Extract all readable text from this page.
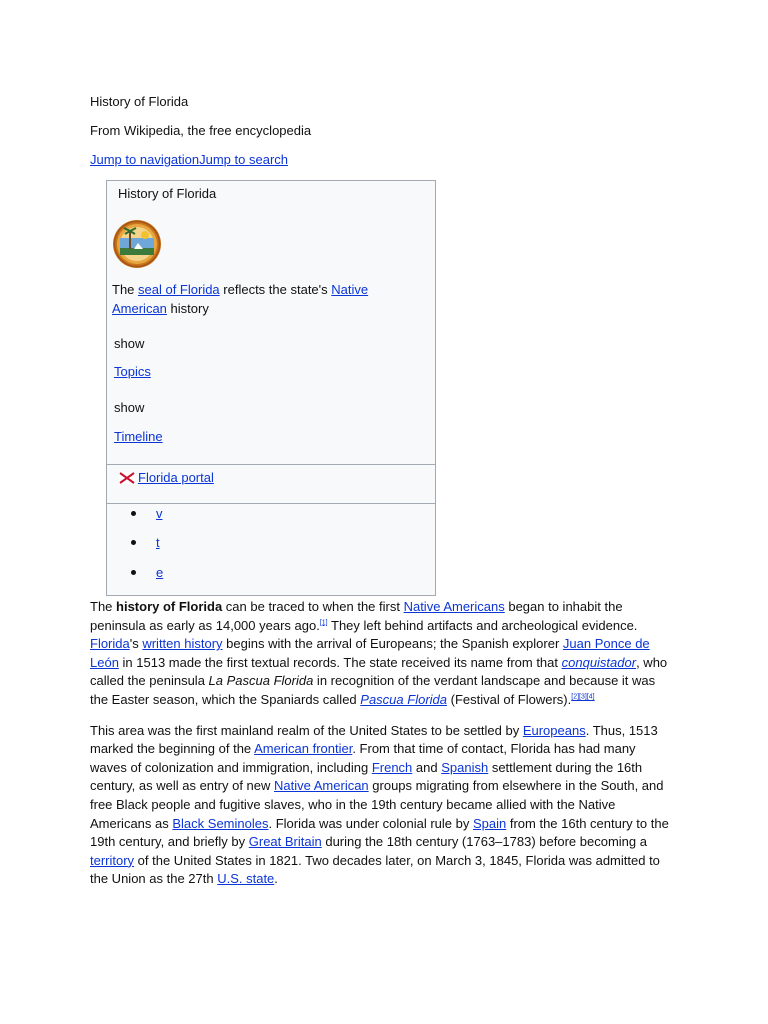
History of Florida
From Wikipedia, the free encyclopedia
Jump to navigationJump to search
History of Florida
The seal of Florida reflects the state's Native American history
show
Topics
show
Timeline
Florida portal
v
t
e

The history of Florida can be traced to when the first Native Americans began to inhabit the peninsula as early as 14,000 years ago.[1] They left behind artifacts and archeological evidence. Florida's written history begins with the arrival of Europeans; the Spanish explorer Juan Ponce de León in 1513 made the first textual records. The state received its name from that conquistador, who called the peninsula La Pascua Florida in recognition of the verdant landscape and because it was the Easter season, which the Spaniards called Pascua Florida (Festival of Flowers).[2][3][4]

This area was the first mainland realm of the United States to be settled by Europeans. Thus, 1513 marked the beginning of the American frontier. From that time of contact, Florida has had many waves of colonization and immigration, including French and Spanish settlement during the 16th century, as well as entry of new Native American groups migrating from elsewhere in the South, and free Black people and fugitive slaves, who in the 19th century became allied with the Native Americans as Black Seminoles. Florida was under colonial rule by Spain from the 16th century to the 19th century, and briefly by Great Britain during the 18th century (1763–1783) before becoming a territory of the United States in 1821. Two decades later, on March 3, 1845, Florida was admitted to the Union as the 27th U.S. state.
